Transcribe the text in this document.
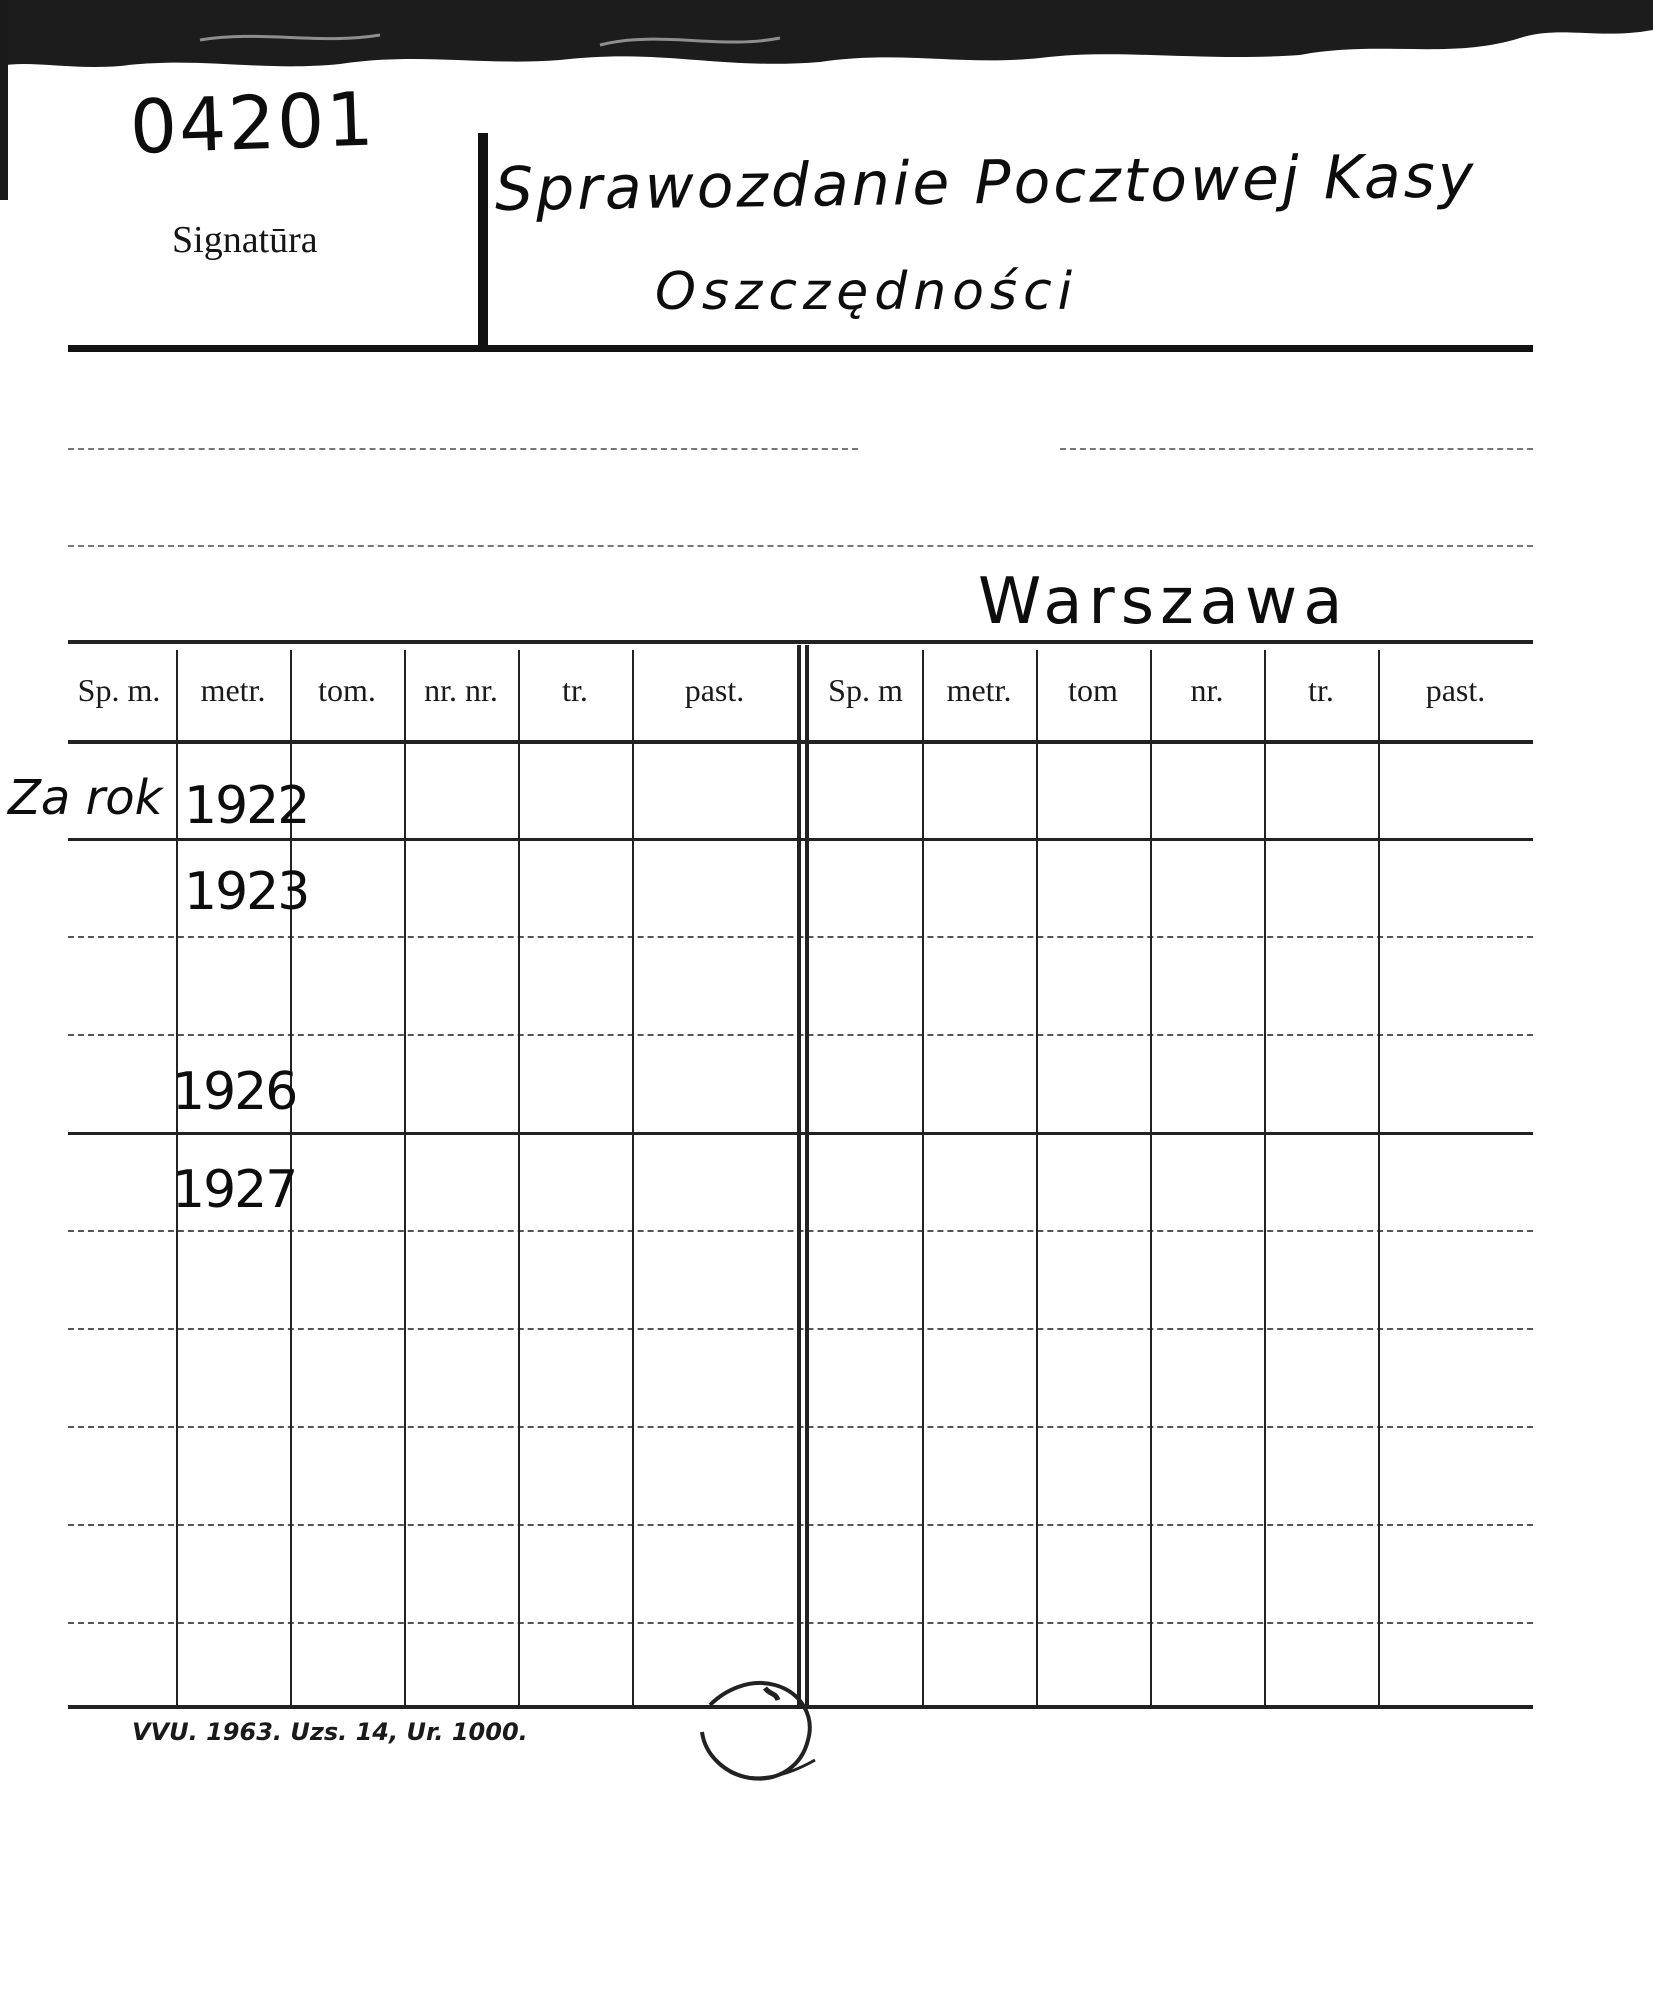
04201
Signatūra
Sprawozdanie Pocztowej Kasy
Oszczędności
Warszawa
Sp. m.	metr.	tom.	nr. nr.	tr.	past.	Sp. m	metr.	tom	nr.	tr.	past.
Za rok 1922
1923
1926
1927
VVU. 1963. Uzs. 14, Ur. 1000.
